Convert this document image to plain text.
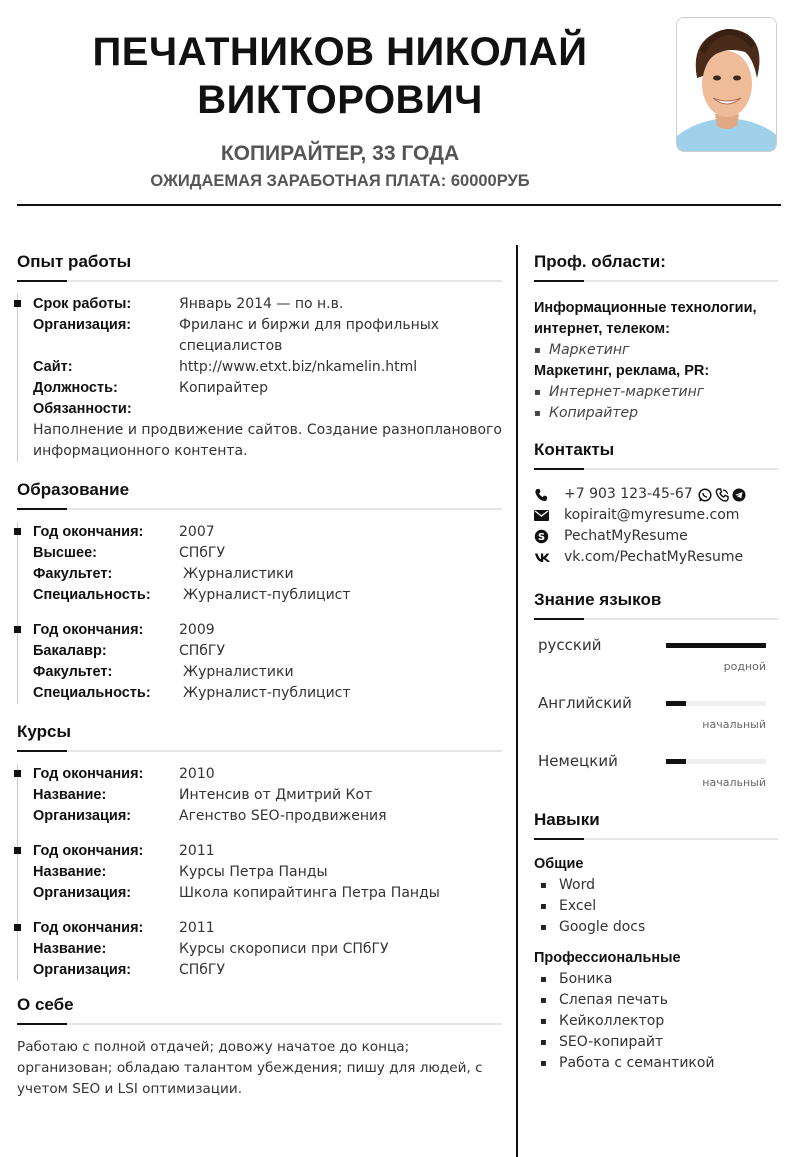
ПЕЧАТНИКОВ НИКОЛАЙ
ВИКТОРОВИЧ
КОПИРАЙТЕР, 33 ГОДА
ОЖИДАЕМАЯ ЗАРАБОТНАЯ ПЛАТА: 60000РУБ
Опыт работы
Срок работы:	Январь 2014 — по н.в.
Организация:	Фриланс и биржи для профильных специалистов
Сайт:	http://www.etxt.biz/nkamelin.html
Должность:	Копирайтер
Обязанности:
Наполнение и продвижение сайтов. Создание разнопланового информационного контента.
Образование
Год окончания:	2007
Высшее:	СПбГУ
Факультет:	Журналистики
Специальность:	Журналист-публицист
Год окончания:	2009
Бакалавр:	СПбГУ
Факультет:	Журналистики
Специальность:	Журналист-публицист
Курсы
Год окончания:	2010
Название:	Интенсив от Дмитрий Кот
Организация:	Агенство SEO-продвижения
Год окончания:	2011
Название:	Курсы Петра Панды
Организация:	Школа копирайтинга Петра Панды
Год окончания:	2011
Название:	Курсы скорописи при СПбГУ
Организация:	СПбГУ
О себе
Работаю с полной отдачей; довожу начатое до конца; организован; обладаю талантом убеждения; пишу для людей, с учетом SEO и LSI оптимизации.
Проф. области:
Информационные технологии, интернет, телеком:
▪ Маркетинг
Маркетинг, реклама, PR:
▪ Интернет-маркетинг
▪ Копирайтер
Контакты
+7 903 123-45-67
kopirait@myresume.com
S PechatMyResume
vk.com/PechatMyResume
Знание языков
русский
родной
Английский
начальный
Немецкий
начальный
Навыки
Общие
▪ Word
▪ Excel
▪ Google docs
Профессиональные
▪ Боника
▪ Слепая печать
▪ Кейколлектор
▪ SEO-копирайт
▪ Работа с семантикой
